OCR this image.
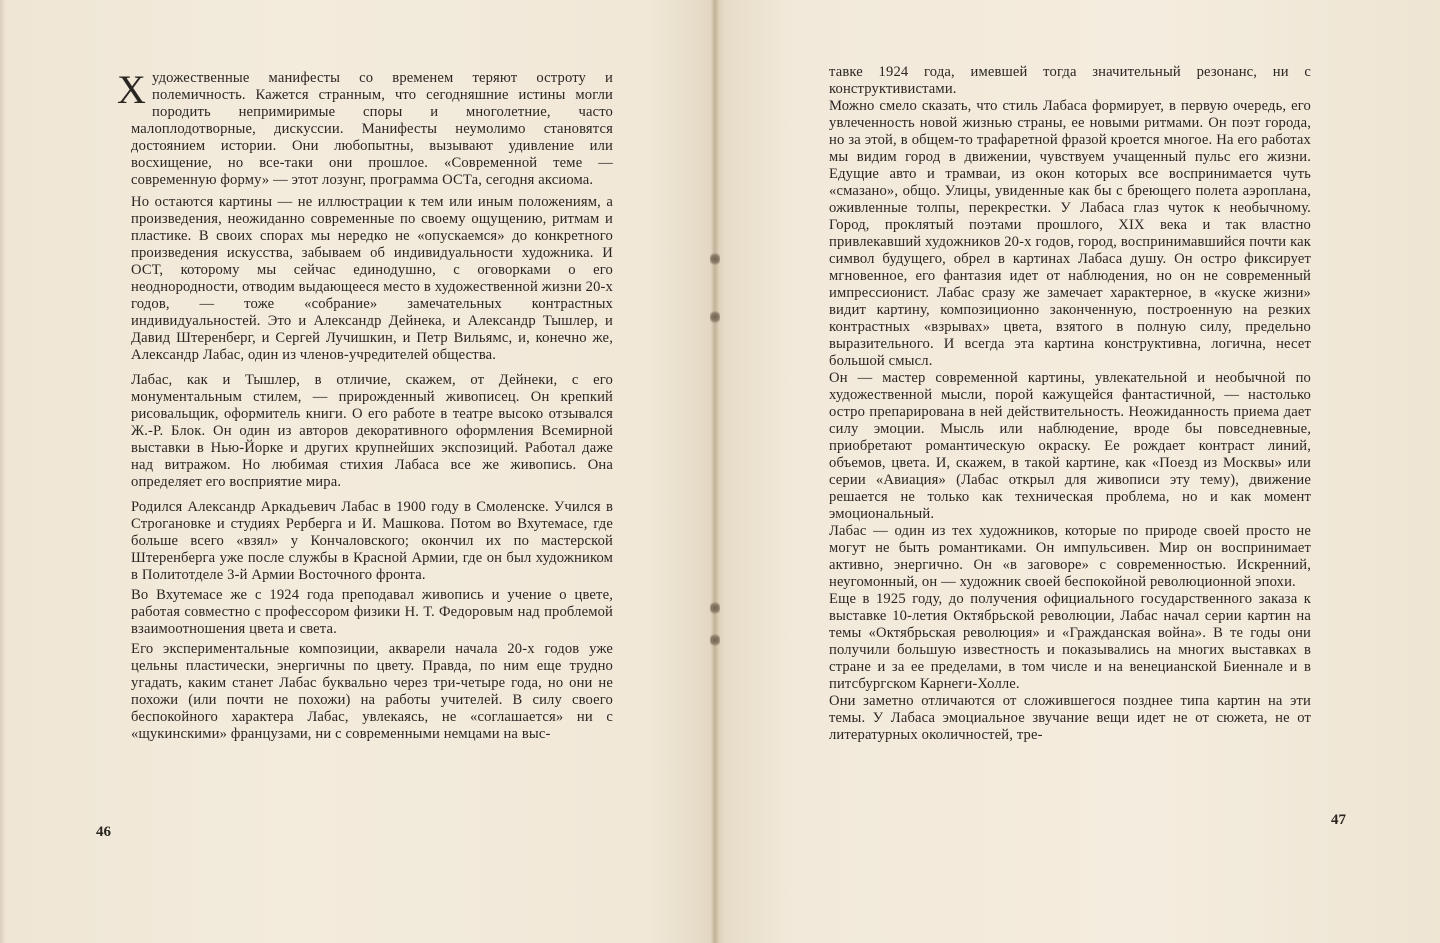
Художественные манифесты со временем теряют остроту и полемичность. Кажется странным, что сегодняшние истины могли породить непримиримые споры и многолетние, часто малоплодотворные, дискуссии. Манифесты неумолимо становятся достоянием истории. Они любопытны, вызывают удивление или восхищение, но все-таки они прошлое. «Современной теме — современную форму» — этот лозунг, программа ОСТа, сегодня аксиома.

Но остаются картины — не иллюстрации к тем или иным положениям, а произведения, неожиданно современные по своему ощущению, ритмам и пластике. В своих спорах мы нередко не «опускаемся» до конкретного произведения искусства, забываем об индивидуальности художника. И ОСТ, которому мы сейчас единодушно, с оговорками о его неоднородности, отводим выдающееся место в художественной жизни 20-х годов, — тоже «собрание» замечательных контрастных индивидуальностей. Это и Александр Дейнека, и Александр Тышлер, и Давид Штеренберг, и Сергей Лучишкин, и Петр Вильямс, и, конечно же, Александр Лабас, один из членов-учредителей общества.

Лабас, как и Тышлер, в отличие, скажем, от Дейнеки, с его монументальным стилем, — прирожденный живописец. Он крепкий рисовальщик, оформитель книги. О его работе в театре высоко отзывался Ж.-Р. Блок. Он один из авторов декоративного оформления Всемирной выставки в Нью-Йорке и других крупнейших экспозиций. Работал даже над витражом. Но любимая стихия Лабаса все же живопись. Она определяет его восприятие мира.

Родился Александр Аркадьевич Лабас в 1900 году в Смоленске. Учился в Строгановке и студиях Рерберга и И. Машкова. Потом во Вхутемасе, где больше всего «взял» у Кончаловского; окончил их по мастерской Штеренберга уже после службы в Красной Армии, где он был художником в Политотделе 3-й Армии Восточного фронта.

Во Вхутемасе же с 1924 года преподавал живопись и учение о цвете, работая совместно с профессором физики Н. Т. Федоровым над проблемой взаимоотношения цвета и света.

Его экспериментальные композиции, акварели начала 20-х годов уже цельны пластически, энергичны по цвету. Правда, по ним еще трудно угадать, каким станет Лабас буквально через три-четыре года, но они не похожи (или почти не похожи) на работы учителей. В силу своего беспокойного характера Лабас, увлекаясь, не «соглашается» ни с «щукинскими» французами, ни с современными немцами на выс-

46

тавке 1924 года, имевшей тогда значительный резонанс, ни с конструктивистами.

Можно смело сказать, что стиль Лабаса формирует, в первую очередь, его увлеченность новой жизнью страны, ее новыми ритмами. Он поэт города, но за этой, в общем-то трафаретной фразой кроется многое. На его работах мы видим город в движении, чувствуем учащенный пульс его жизни. Едущие авто и трамваи, из окон которых все воспринимается чуть «смазано», общо. Улицы, увиденные как бы с бреющего полета аэроплана, оживленные толпы, перекрестки. У Лабаса глаз чуток к необычному. Город, проклятый поэтами прошлого, XIX века и так властно привлекавший художников 20-х годов, город, воспринимавшийся почти как символ будущего, обрел в картинах Лабаса душу. Он остро фиксирует мгновенное, его фантазия идет от наблюдения, но он не современный импрессионист. Лабас сразу же замечает характерное, в «куске жизни» видит картину, композиционно законченную, построенную на резких контрастных «взрывах» цвета, взятого в полную силу, предельно выразительного. И всегда эта картина конструктивна, логична, несет большой смысл.

Он — мастер современной картины, увлекательной и необычной по художественной мысли, порой кажущейся фантастичной, — настолько остро препарирована в ней действительность. Неожиданность приема дает силу эмоции. Мысль или наблюдение, вроде бы повседневные, приобретают романтическую окраску. Ее рождает контраст линий, объемов, цвета. И, скажем, в такой картине, как «Поезд из Москвы» или серии «Авиация» (Лабас открыл для живописи эту тему), движение решается не только как техническая проблема, но и как момент эмоциональный.

Лабас — один из тех художников, которые по природе своей просто не могут не быть романтиками. Он импульсивен. Мир он воспринимает активно, энергично. Он «в заговоре» с современностью. Искренний, неугомонный, он — художник своей беспокойной революционной эпохи.

Еще в 1925 году, до получения официального государственного заказа к выставке 10-летия Октябрьской революции, Лабас начал серии картин на темы «Октябрьская революция» и «Гражданская война». В те годы они получили большую известность и показывались на многих выставках в стране и за ее пределами, в том числе и на венецианской Биеннале и в питсбургском Карнеги-Холле.

Они заметно отличаются от сложившегося позднее типа картин на эти темы. У Лабаса эмоциальное звучание вещи идет не от сюжета, не от литературных околичностей, тре-

47
